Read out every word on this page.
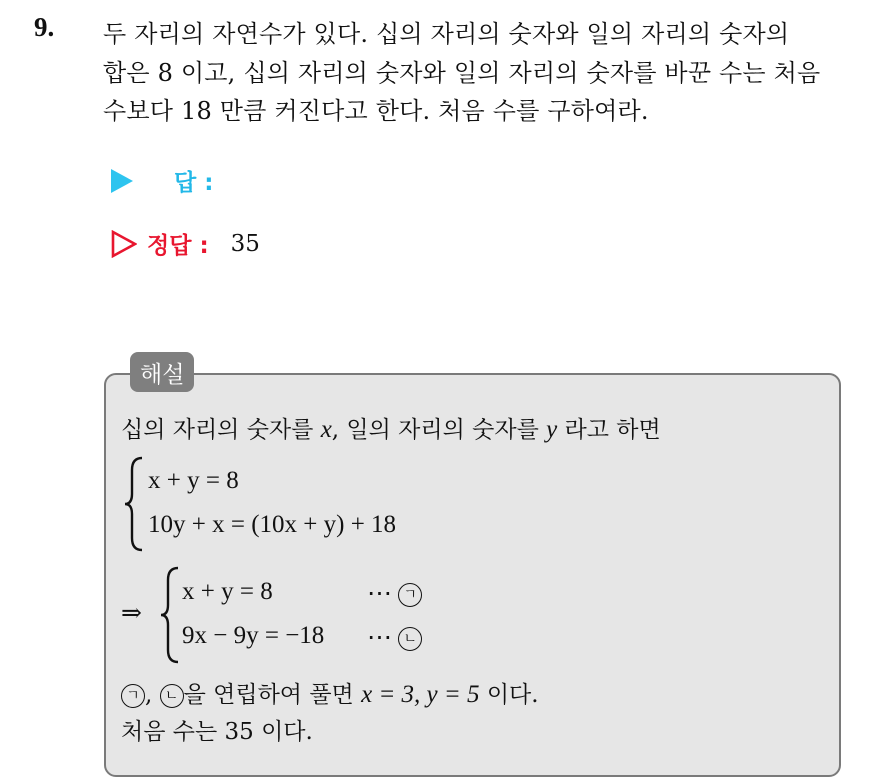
9. 두 자리의 자연수가 있다. 십의 자리의 숫자와 일의 자리의 숫자의
합은 8 이고, 십의 자리의 숫자와 일의 자리의 숫자를 바꾼 수는 처음
수보다 18 만큼 커진다고 한다. 처음 수를 구하여라.
답 :
정답 : 35
해설
십의 자리의 숫자를 x, 일의 자리의 숫자를 y 라고 하면
x + y = 8
10y + x = (10x + y) + 18
⇒
x + y = 8	⋯ ㄱ
9x − 9y = −18 ⋯ ㄴ
ㄱ , ㄴ 을 연립하여 풀면 x = 3, y = 5 이다.
처음 수는 35 이다.
